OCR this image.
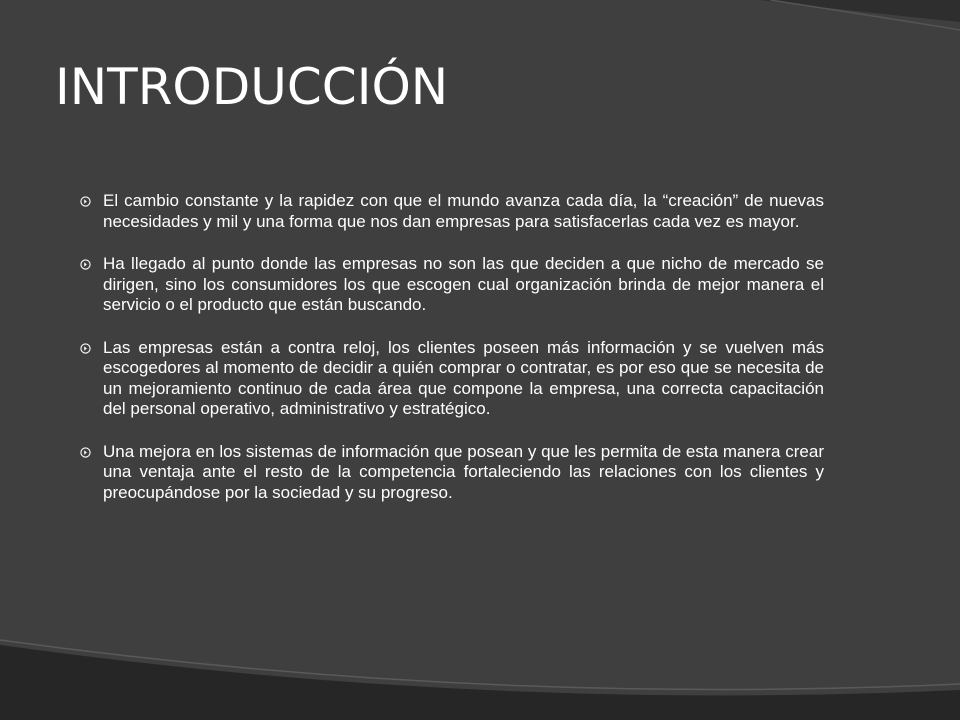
INTRODUCCIÓN
El cambio constante y la rapidez con que el mundo avanza cada día, la “creación” de nuevas necesidades y mil y una forma que nos dan empresas para satisfacerlas cada vez es mayor.
Ha llegado al punto donde las empresas no son las que deciden a que nicho de mercado se dirigen, sino los consumidores los que escogen cual organización brinda de mejor manera el servicio o el producto que están buscando.
Las empresas están a contra reloj, los clientes poseen más información y se vuelven más escogedores al momento de decidir a quién comprar o contratar, es por eso que se necesita de un mejoramiento continuo de cada área que compone la empresa, una correcta capacitación del personal operativo, administrativo y estratégico.
Una mejora en los sistemas de información que posean y que les permita de esta manera crear una ventaja ante el resto de la competencia fortaleciendo las relaciones con los clientes y preocupándose por la sociedad y su progreso.
